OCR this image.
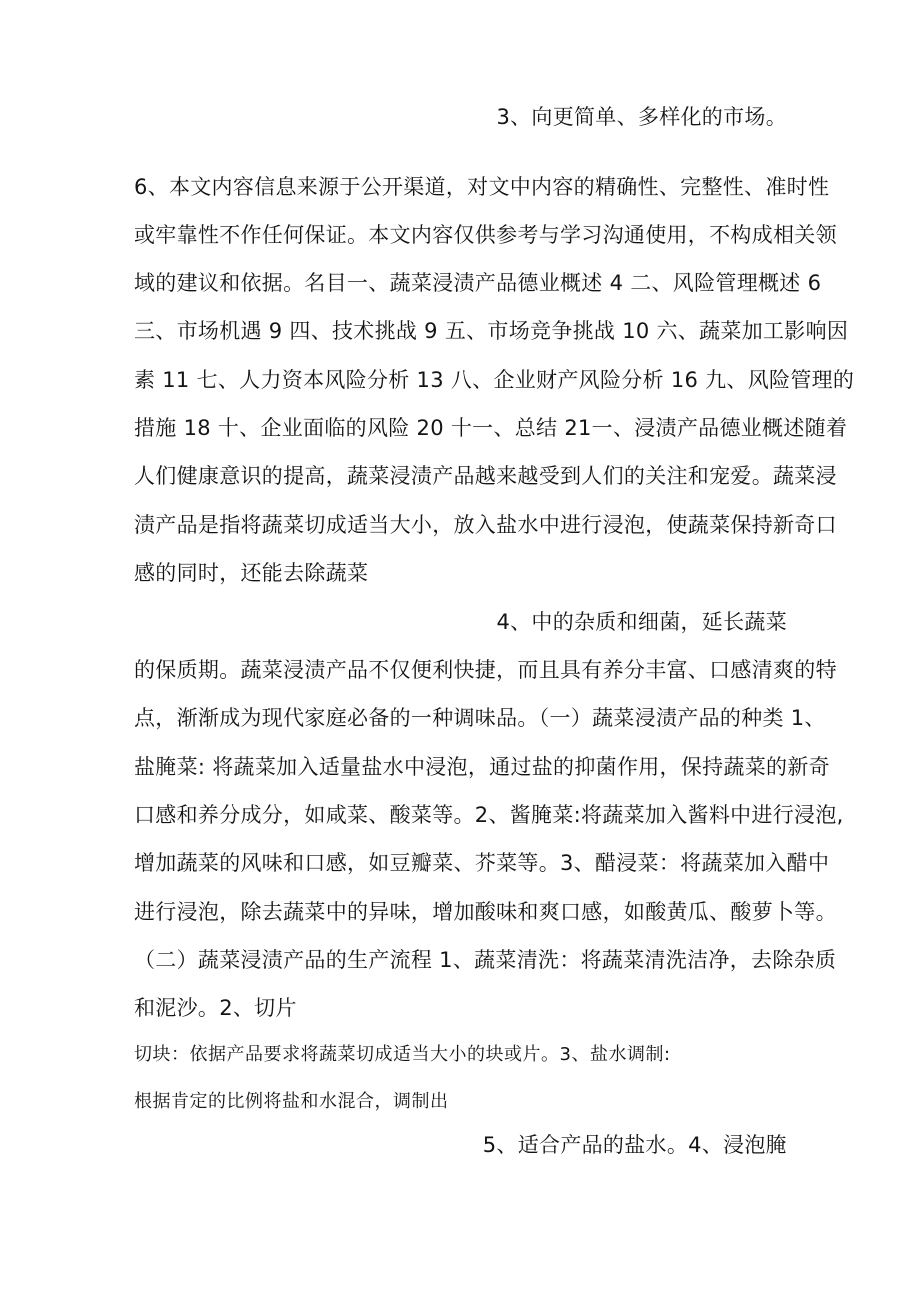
3、向更简单、多样化的市场。
6、本文内容信息来源于公开渠道，对文中内容的精确性、完整性、准时性
或牢靠性不作任何保证。本文内容仅供参考与学习沟通使用，不构成相关领
域的建议和依据。名目一、蔬菜浸渍产品德业概述 4 二、风险管理概述 6
三、市场机遇 9 四、技术挑战 9 五、市场竞争挑战 10 六、蔬菜加工影响因
素 11 七、人力资本风险分析 13 八、企业财产风险分析 16 九、风险管理的
措施 18 十、企业面临的风险 20 十一、总结 21一、浸渍产品德业概述随着
人们健康意识的提高，蔬菜浸渍产品越来越受到人们的关注和宠爱。蔬菜浸
渍产品是指将蔬菜切成适当大小，放入盐水中进行浸泡，使蔬菜保持新奇口
感的同时，还能去除蔬菜
4、中的杂质和细菌，延长蔬菜
的保质期。蔬菜浸渍产品不仅便利快捷，而且具有养分丰富、口感清爽的特
点，渐渐成为现代家庭必备的一种调味品。（一）蔬菜浸渍产品的种类 1、
盐腌菜: 将蔬菜加入适量盐水中浸泡，通过盐的抑菌作用，保持蔬菜的新奇
口感和养分成分，如咸菜、酸菜等。2、酱腌菜:将蔬菜加入酱料中进行浸泡,
增加蔬菜的风味和口感，如豆瓣菜、芥菜等。3、醋浸菜：将蔬菜加入醋中
进行浸泡，除去蔬菜中的异味，增加酸味和爽口感，如酸黄瓜、酸萝卜等。
（二）蔬菜浸渍产品的生产流程 1、蔬菜清洗：将蔬菜清洗洁净，去除杂质
和泥沙。2、切片
切块：依据产品要求将蔬菜切成适当大小的块或片。3、盐水调制:
根据肯定的比例将盐和水混合，调制出
5、适合产品的盐水。4、浸泡腌
